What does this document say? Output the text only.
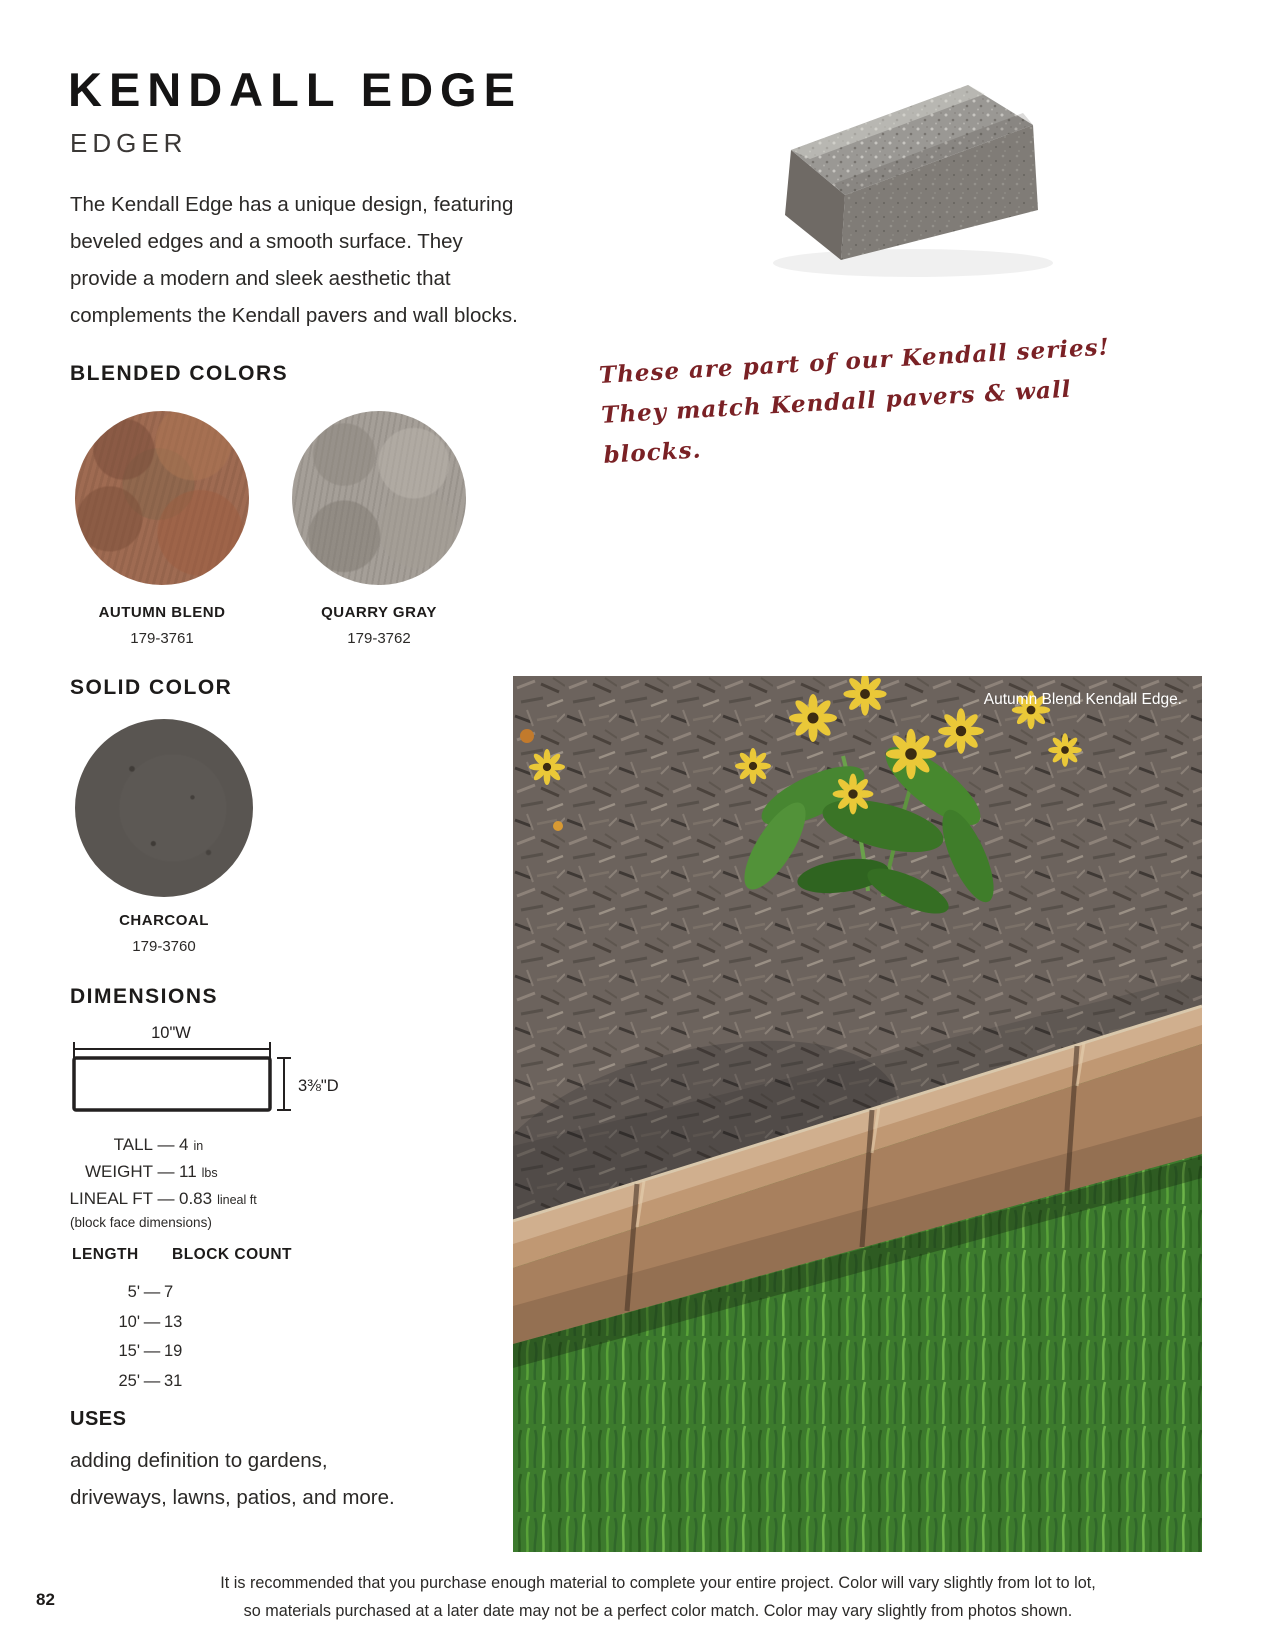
KENDALL EDGE
EDGER
The Kendall Edge has a unique design, featuring
beveled edges and a smooth surface. They
provide a modern and sleek aesthetic that
complements the Kendall pavers and wall blocks.
These are part of our Kendall series!
They match Kendall pavers & wall blocks.
BLENDED COLORS
AUTUMN BLEND
179-3761
QUARRY GRAY
179-3762
SOLID COLOR
CHARCOAL
179-3760
DIMENSIONS
10"W
3⅜"D
TALL — 4 in
WEIGHT — 11 lbs
LINEAL FT — 0.83 lineal ft
(block face dimensions)
LENGTH	BLOCK COUNT
5' — 7
10' — 13
15' — 19
25' — 31
USES
adding definition to gardens,
driveways, lawns, patios, and more.
Autumn Blend Kendall Edge.
82
It is recommended that you purchase enough material to complete your entire project. Color will vary slightly from lot to lot,
so materials purchased at a later date may not be a perfect color match. Color may vary slightly from photos shown.
